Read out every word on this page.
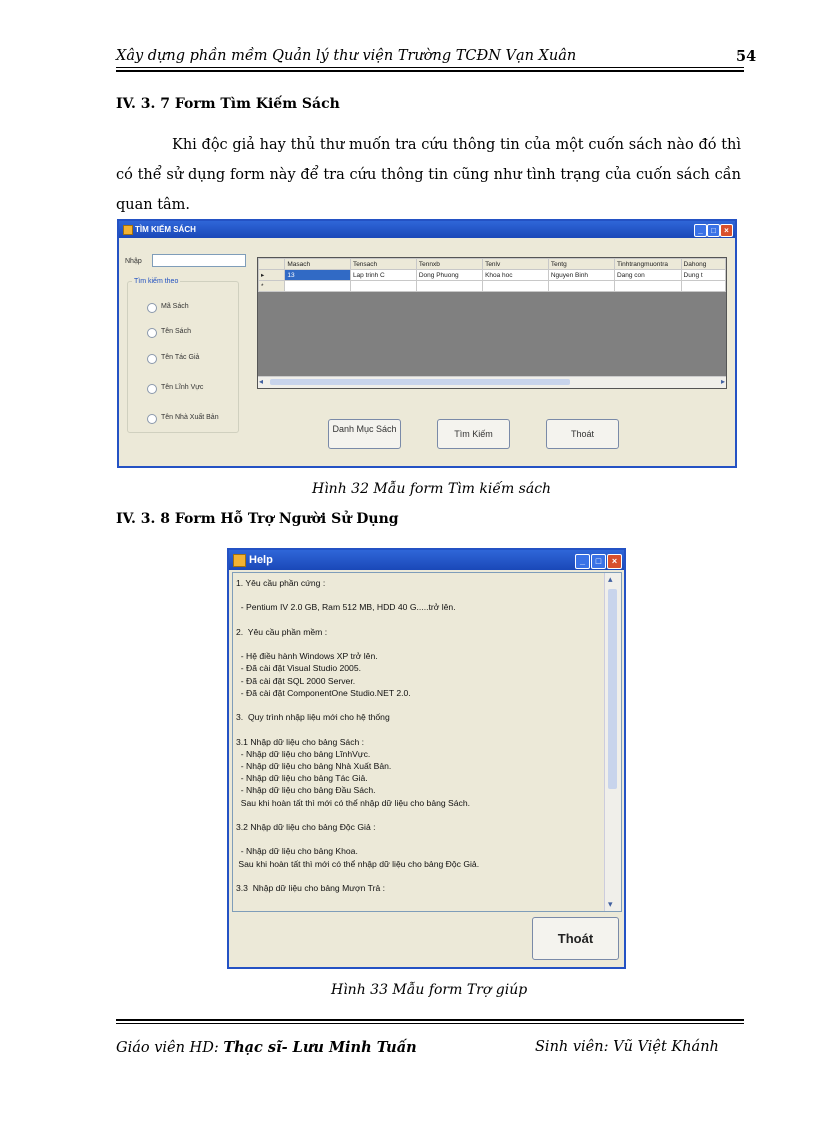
Xây dựng phần mềm Quản lý thư viện Trường TCĐN Vạn Xuân	54
IV. 3. 7 Form Tìm Kiếm Sách
Khi độc giả hay thủ thư muốn tra cứu thông tin của một cuốn sách nào đó thì có thể sử dụng form này để tra cứu thông tin cũng như tình trạng của cuốn sách cần quan tâm.
TÌM KIẾM SÁCH	_	□	×
Nhập
Tìm kiếm theo
Mã Sách
Tên Sách
Tên Tác Giả
Tên Lĩnh Vực
Tên Nhà Xuất Bản
	Masach	Tensach	Tennxb	Tenlv	Tentg	Tinhtrangmuontra	Dahong
▸	13	Lap trinh C	Dong Phuong	Khoa hoc	Nguyen Binh	Dang con	Dung t
*							
◂	▸
Danh Mục Sách	Tìm Kiếm	Thoát
Hình 32 Mẫu form Tìm kiếm sách
IV. 3. 8 Form Hỗ Trợ Người Sử Dụng
Help	_	□	×
1. Yêu cầu phần cứng :

- Pentium IV 2.0 GB, Ram 512 MB, HDD 40 G.....trở lên.

2.  Yêu cầu phần mềm :

- Hệ điều hành Windows XP trở lên.
- Đã cài đặt Visual Studio 2005.
- Đã cài đặt SQL 2000 Server.
- Đã cài đặt ComponentOne Studio.NET 2.0.

3.  Quy trình nhập liệu mới cho hệ thống

3.1 Nhập dữ liệu cho bảng Sách :
- Nhập dữ liệu cho bảng LĩnhVực.
- Nhập dữ liệu cho bảng Nhà Xuất Bản.
- Nhập dữ liệu cho bảng Tác Giả.
- Nhập dữ liệu cho bảng Đầu Sách.
Sau khi hoàn tất thì mới có thể nhập dữ liệu cho bảng Sách.

3.2 Nhập dữ liệu cho bảng Độc Giả :

- Nhập dữ liệu cho bảng Khoa.
Sau khi hoàn tất thì mới có thể nhập dữ liệu cho bảng Độc Giả.

3.3  Nhập dữ liệu cho bảng Mượn Trả :
▴
▾
Thoát
Hình 33 Mẫu form Trợ giúp
Giáo viên HD: Thạc sĩ- Lưu Minh Tuấn	Sinh viên: Vũ Việt Khánh
